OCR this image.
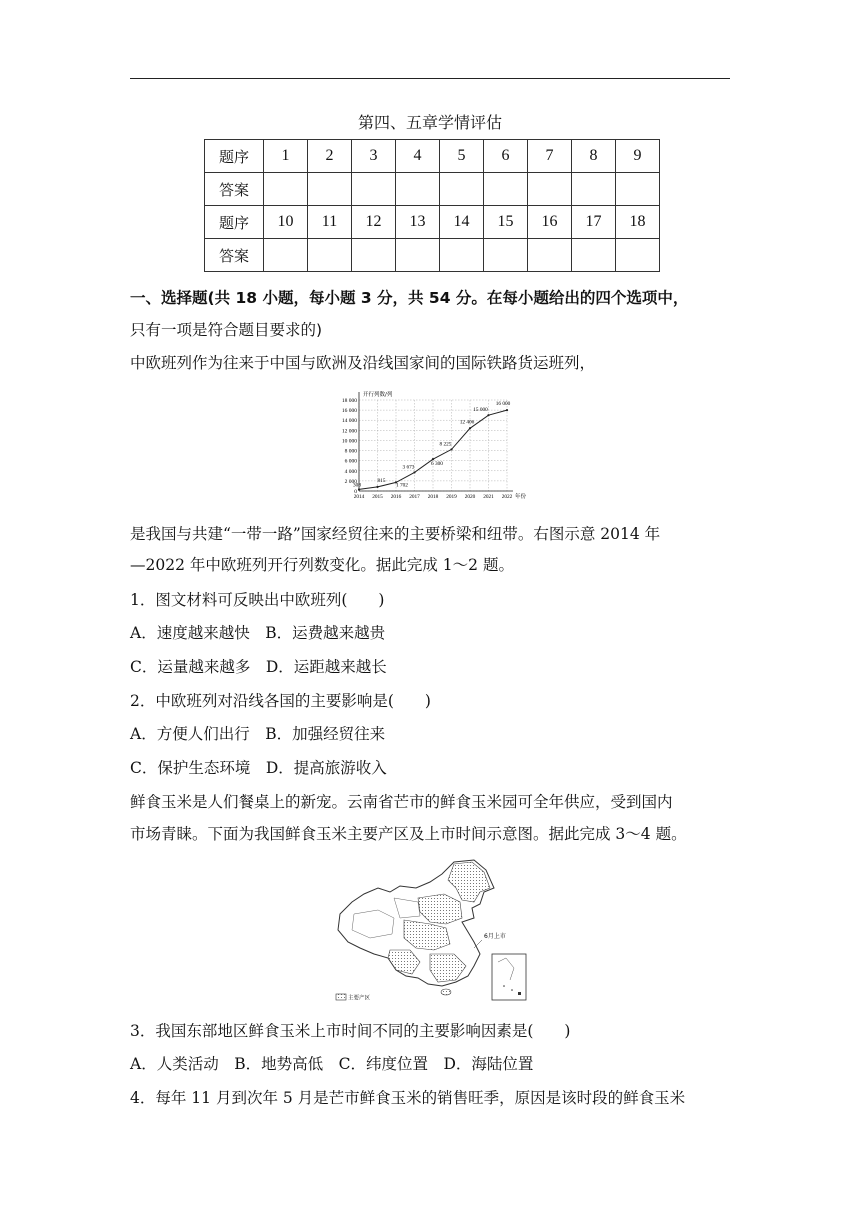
第四、五章学情评估
题序	1	2	3	4	5	6	7	8	9
答案									
题序	10	11	12	13	14	15	16	17	18
答案									
一、选择题(共 18 小题，每小题 3 分，共 54 分。在每小题给出的四个选项中，
只有一项是符合题目要求的)
中欧班列作为往来于中国与欧洲及沿线国家间的国际铁路货运班列，
0
2 000
4 000
6 000
8 000
10 000
12 000
14 000
16 000
18 000
2014 2015 2016 2017 2018 2019 2020 2021 2022
开行列数/列
年份
308
815
1 702
3 673
6 300
8 225
12 406
15 000
16 000
是我国与共建“一带一路”国家经贸往来的主要桥梁和纽带。右图示意 2014 年
—2022 年中欧班列开行列数变化。据此完成 1～2 题。
1．图文材料可反映出中欧班列(　　)
A．速度越来越快　B．运费越来越贵
C．运量越来越多　D．运距越来越长
2．中欧班列对沿线各国的主要影响是(　　)
A．方便人们出行　B．加强经贸往来
C．保护生态环境　D．提高旅游收入
鲜食玉米是人们餐桌上的新宠。云南省芒市的鲜食玉米园可全年供应，受到国内
市场青睐。下面为我国鲜食玉米主要产区及上市时间示意图。据此完成 3～4 题。
6月上市
主要产区
3．我国东部地区鲜食玉米上市时间不同的主要影响因素是(　　)
A．人类活动　B．地势高低　C．纬度位置　D．海陆位置
4．每年 11 月到次年 5 月是芒市鲜食玉米的销售旺季，原因是该时段的鲜食玉米
